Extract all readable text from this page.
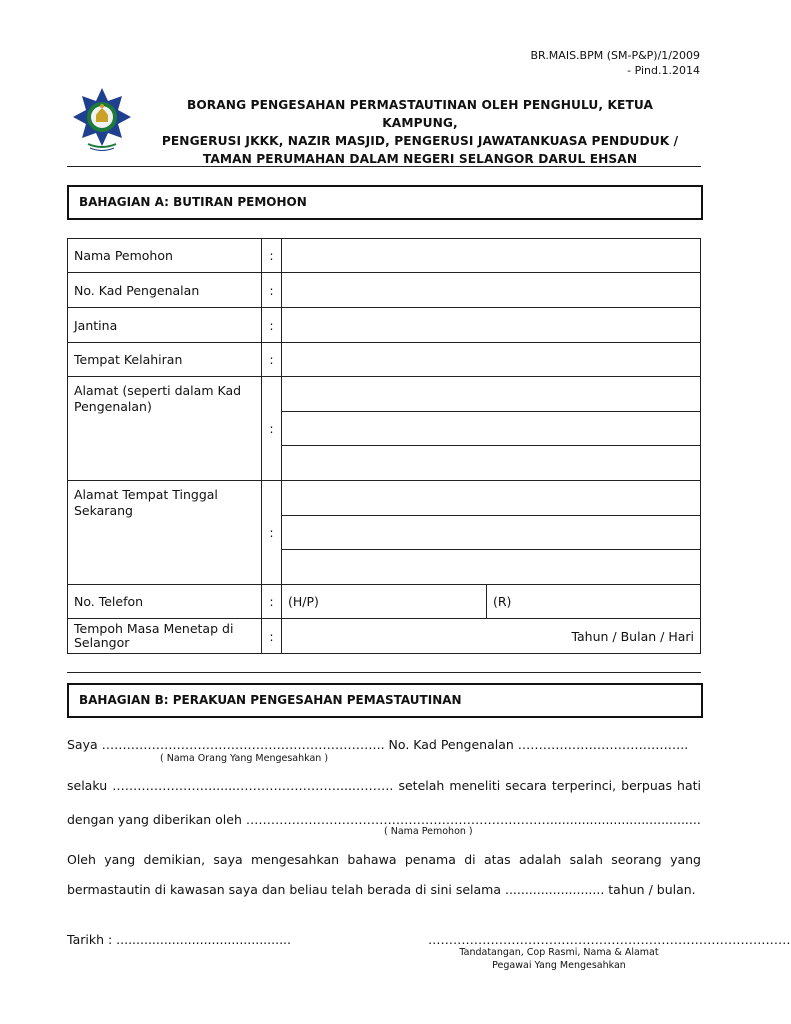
BR.MAIS.BPM (SM-P&P)/1/2009
- Pind.1.2014
BORANG PENGESAHAN PERMASTAUTINAN OLEH PENGHULU, KETUA KAMPUNG,
PENGERUSI JKKK, NAZIR MASJID, PENGERUSI JAWATANKUASA PENDUDUK /
TAMAN PERUMAHAN DALAM NEGERI SELANGOR DARUL EHSAN
BAHAGIAN A: BUTIRAN PEMOHON
Nama Pemohon	:		
No. Kad Pengenalan	:		
Jantina	:		
Tempat Kelahiran	:		
Alamat (seperti dalam Kad Pengenalan)	:		

Alamat Tempat Tinggal Sekarang	:		

No. Telefon	:	(H/P)	(R)
Tempoh Masa Menetap di Selangor	:	Tahun / Bulan / Hari	
BAHAGIAN B: PERAKUAN PENGESAHAN PEMASTAUTINAN
Saya ………………………………………………………….. No. Kad Pengenalan …………………………………..
( Nama Orang Yang Mengesahkan )
selaku ……………………......……………………....………. setelah meneliti secara terperinci, berpuas hati
dengan yang diberikan oleh ……………………………………………………….………......................................
( Nama Pemohon )
Oleh yang demikian, saya mengesahkan bahawa penama di atas adalah salah seorang yang
bermastautin di kawasan saya dan beliau telah berada di sini selama ......................... tahun / bulan.
Tarikh : ............................................	……………………………………………………………………………
Tandatangan, Cop Rasmi, Nama & Alamat
Pegawai Yang Mengesahkan
